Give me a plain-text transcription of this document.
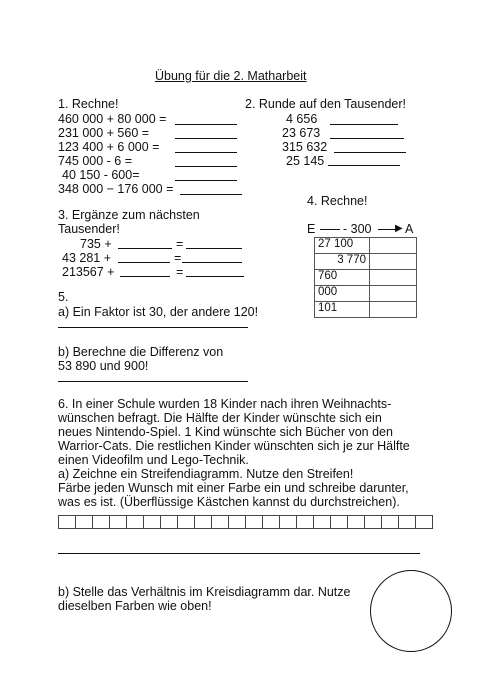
Übung für die 2. Matharbeit
1. Rechne!
460 000 + 80 000 =
231 000 + 560 =
123 400 + 6 000 =
745 000 - 6 =
40 150 - 600=
348 000 − 176 000 =
2. Runde auf den Tausender!
4 656
23 673
315 632
25 145
3. Ergänze zum nächsten
Tausender!
735 +	=
43 281 +	=
213567 +	=
4. Rechne!
E - 300 ▶ A
27 100	
3 770	
760	
000	
101	
5.
a) Ein Faktor ist 30, der andere 120!
b) Berechne die Differenz von
53 890 und 900!
6. In einer Schule wurden 18 Kinder nach ihren Weihnachts-
wünschen befragt. Die Hälfte der Kinder wünschte sich ein
neues Nintendo-Spiel. 1 Kind wünschte sich Bücher von den
Warrior-Cats. Die restlichen Kinder wünschten sich je zur Hälfte
einen Videofilm und Lego-Technik.
a) Zeichne ein Streifendiagramm. Nutze den Streifen!
Färbe jeden Wunsch mit einer Farbe ein und schreibe darunter,
was es ist. (Überflüssige Kästchen kannst du durchstreichen).
b) Stelle das Verhältnis im Kreisdiagramm dar. Nutze
dieselben Farben wie oben!
